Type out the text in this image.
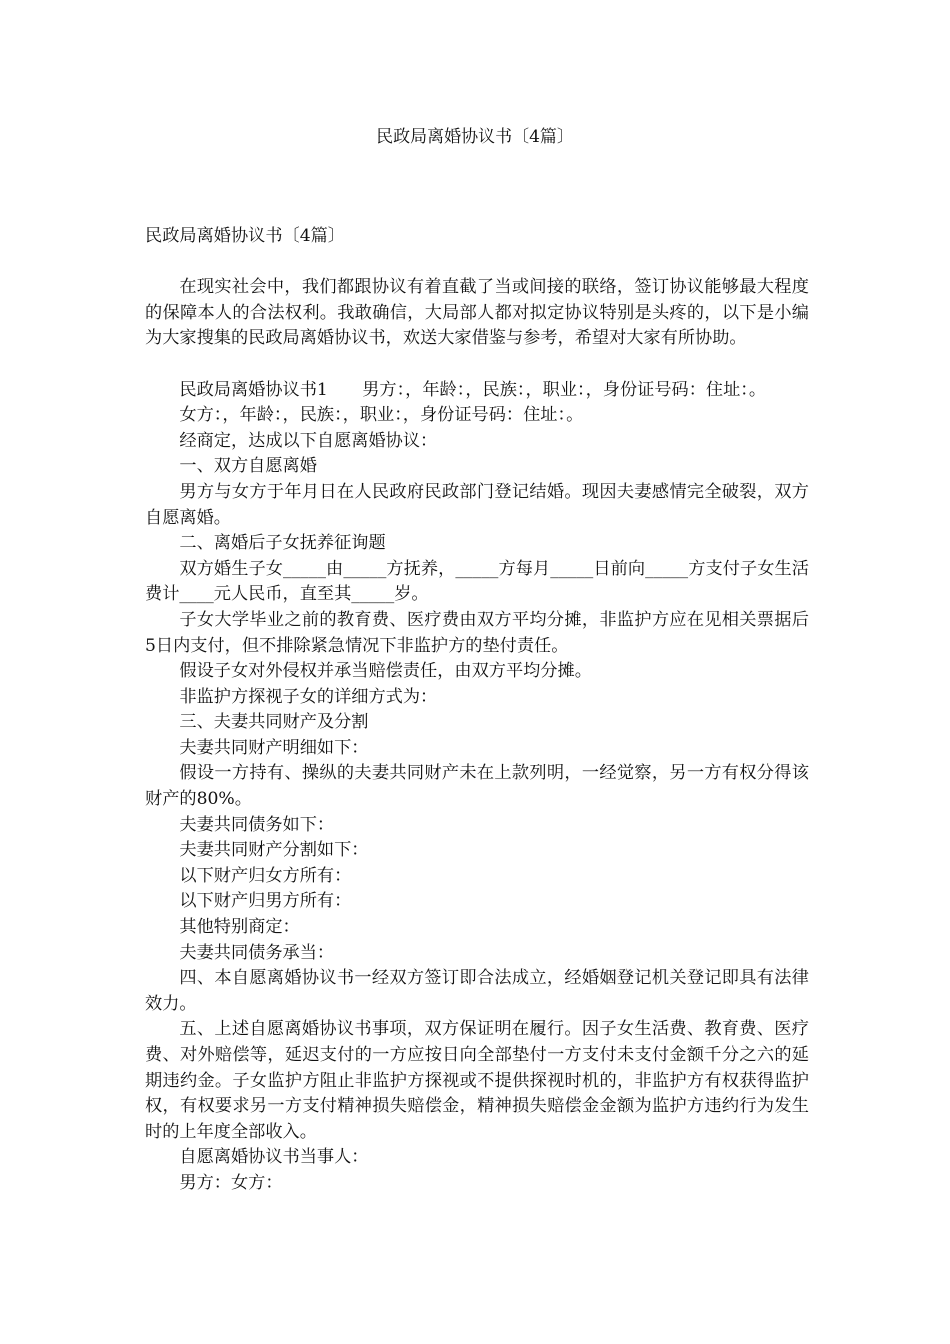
民政局离婚协议书〔4篇〕

民政局离婚协议书〔4篇〕

在现实社会中，我们都跟协议有着直截了当或间接的联络，签订协议能够最大程度的保障本人的合法权利。我敢确信，大局部人都对拟定协议特别是头疼的，以下是小编为大家搜集的民政局离婚协议书，欢送大家借鉴与参考，希望对大家有所协助。

民政局离婚协议书1　　男方：，年龄：，民族：，职业：，身份证号码：住址：。

女方：，年龄：，民族：，职业：，身份证号码：住址：。

经商定，达成以下自愿离婚协议：

一、双方自愿离婚

男方与女方于年月日在人民政府民政部门登记结婚。现因夫妻感情完全破裂，双方自愿离婚。

二、离婚后子女抚养征询题

双方婚生子女_____由_____方抚养，_____方每月_____日前向_____方支付子女生活费计____元人民币，直至其_____岁。

子女大学毕业之前的教育费、医疗费由双方平均分摊，非监护方应在见相关票据后5日内支付，但不排除紧急情况下非监护方的垫付责任。

假设子女对外侵权并承当赔偿责任，由双方平均分摊。

非监护方探视子女的详细方式为：

三、夫妻共同财产及分割

夫妻共同财产明细如下：

假设一方持有、操纵的夫妻共同财产未在上款列明，一经觉察，另一方有权分得该财产的80%。

夫妻共同债务如下：

夫妻共同财产分割如下：

以下财产归女方所有：

以下财产归男方所有：

其他特别商定：

夫妻共同债务承当：

四、本自愿离婚协议书一经双方签订即合法成立，经婚姻登记机关登记即具有法律效力。

五、上述自愿离婚协议书事项，双方保证明在履行。因子女生活费、教育费、医疗费、对外赔偿等，延迟支付的一方应按日向全部垫付一方支付未支付金额千分之六的延期违约金。子女监护方阻止非监护方探视或不提供探视时机的，非监护方有权获得监护权，有权要求另一方支付精神损失赔偿金，精神损失赔偿金金额为监护方违约行为发生时的上年度全部收入。

自愿离婚协议书当事人：

男方：女方：
